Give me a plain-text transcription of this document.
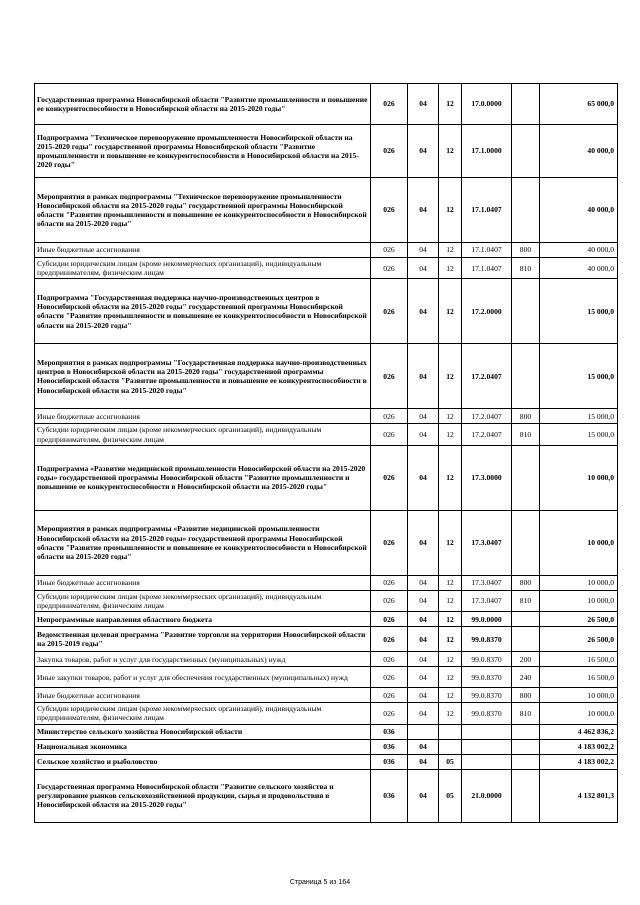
Государственная программа Новосибирской области "Развитие промышленности и повышение ее конкурентоспособности в Новосибирской области на 2015-2020 годы"	026	04	12	17.0.0000		65 000,0
Подпрограмма "Техническое перевооружение промышленности Новосибирской области на 2015-2020 годы" государственной программы Новосибирской области "Развитие промышленности и повышение ее конкурентоспособности в Новосибирской области на 2015-2020 годы"	026	04	12	17.1.0000		40 000,0
Мероприятия в рамках подпрограммы "Техническое перевооружение промышленности Новосибирской области на 2015-2020 годы" государственной программы Новосибирской области "Развитие промышленности и повышение ее конкурентоспособности в Новосибирской области на 2015-2020 годы"	026	04	12	17.1.0407		40 000,0
Иные бюджетные ассигнования	026	04	12	17.1.0407	800	40 000,0
Субсидии юридическим лицам (кроме некоммерческих организаций), индивидуальным предпринимателям, физическим лицам	026	04	12	17.1.0407	810	40 000,0
Подпрограмма "Государственная поддержка научно-производственных центров в Новосибирской области на 2015-2020 годы" государственной программы Новосибирской области "Развитие промышленности и повышение ее конкурентоспособности в Новосибирской области на 2015-2020 годы"	026	04	12	17.2.0000		15 000,0
Мероприятия в рамках подпрограммы "Государственная поддержка научно-производственных центров в Новосибирской области на 2015-2020 годы" государственной программы Новосибирской области "Развитие промышленности и повышение ее конкурентоспособности в Новосибирской области на 2015-2020 годы"	026	04	12	17.2.0407		15 000,0
Иные бюджетные ассигнования	026	04	12	17.2.0407	800	15 000,0
Субсидии юридическим лицам (кроме некоммерческих организаций), индивидуальным предпринимателям, физическим лицам	026	04	12	17.2.0407	810	15 000,0
Подпрограмма «Развитие медицинской промышленности Новосибирской области на 2015-2020 годы» государственной программы Новосибирской области "Развитие промышленности и повышение ее конкурентоспособности в Новосибирской области на 2015-2020 годы"	026	04	12	17.3.0000		10 000,0
Мероприятия в рамках подпрограммы «Развитие медицинской промышленности Новосибирской области на 2015-2020 годы» государственной программы Новосибирской области "Развитие промышленности и повышение ее конкурентоспособности в Новосибирской области на 2015-2020 годы"	026	04	12	17.3.0407		10 000,0
Иные бюджетные ассигнования	026	04	12	17.3.0407	800	10 000,0
Субсидии юридическим лицам (кроме некоммерческих организаций), индивидуальным предпринимателям, физическим лицам	026	04	12	17.3.0407	810	10 000,0
Непрограммные направления областного бюджета	026	04	12	99.0.0000		26 500,0
Ведомственная целевая программа "Развитие торговли на территории Новосибирской области на 2015-2019 годы"	026	04	12	99.0.8370		26 500,0
Закупка товаров, работ и услуг для государственных (муниципальных) нужд	026	04	12	99.0.8370	200	16 500,0
Иные закупки товаров, работ и услуг для обеспечения государственных (муниципальных) нужд	026	04	12	99.0.8370	240	16 500,0
Иные бюджетные ассигнования	026	04	12	99.0.8370	800	10 000,0
Субсидии юридическим лицам (кроме некоммерческих организаций), индивидуальным предпринимателям, физическим лицам	026	04	12	99.0.8370	810	10 000,0
Министерство сельского хозяйства Новосибирской области	036					4 462 836,2
Национальная экономика	036	04				4 183 002,2
Сельское хозяйство и рыболовство	036	04	05			4 183 002,2
Государственная программа Новосибирской области "Развитие сельского хозяйства и регулирование рынков сельскохозяйственной продукции, сырья и продовольствия в Новосибирской области на 2015-2020 годы"	036	04	05	21.0.0000		4 132 801,3
Страница 5 из 164
